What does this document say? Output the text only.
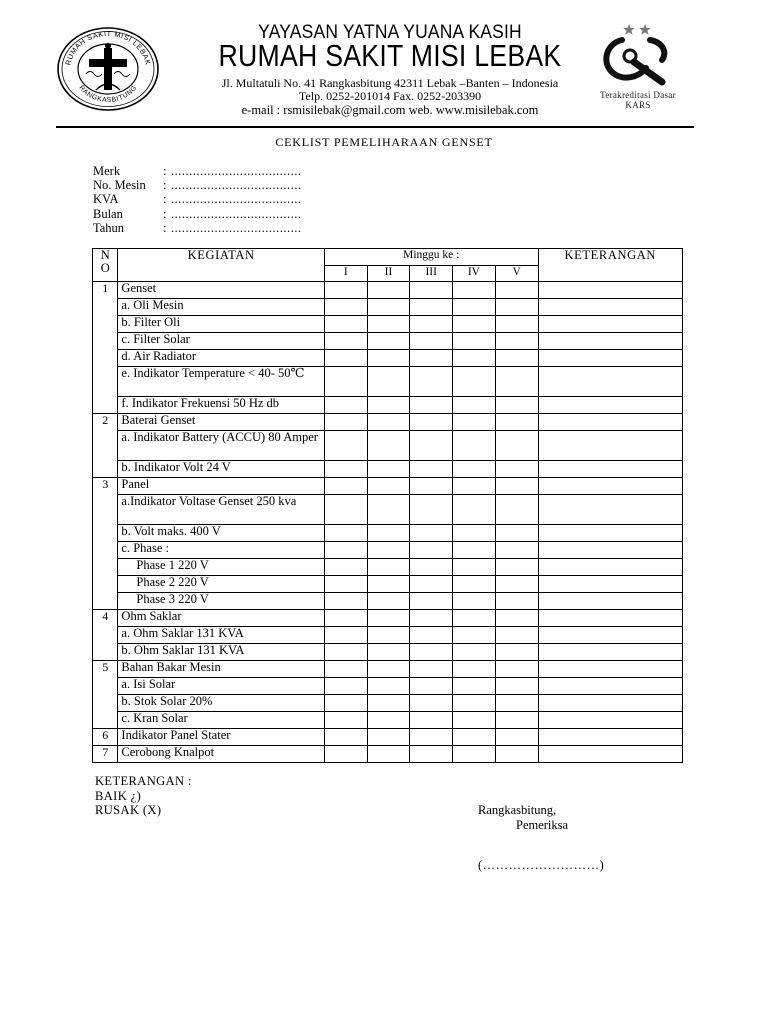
RUMAH SAKIT MISI LEBAK
RANGKASBITUNG
YAYASAN YATNA YUANA KASIH
RUMAH SAKIT MISI LEBAK
Jl. Multatuli No. 41 Rangkasbitung 42311 Lebak –Banten – Indonesia
Telp. 0252-201014 Fax. 0252-203390
e-mail : rsmisilebak@gmail.com web. www.misilebak.com
Terakreditasi Dasar
KARS
CEKLIST PEMELIHARAAN GENSET
Merk	: ....................................
No. Mesin	: ....................................
KVA	: ....................................
Bulan	: ....................................
Tahun	: ....................................
N
O	KEGIATAN	Minggu ke :					KETERANGAN
		I	II	III	IV	V	
1	Genset						
	a. Oli Mesin						
	b. Filter Oli						
	c. Filter Solar						
	d. Air Radiator						
	e. Indikator Temperature < 40- 50℃						
	f. Indikator Frekuensi 50 Hz db						
2	Baterai Genset						
	a. Indikator Battery (ACCU) 80 Amper						
	b. Indikator Volt 24 V						
3	Panel						
	a.Indikator Voltase Genset 250 kva						
	b. Volt maks. 400 V						
	c. Phase :						
	Phase 1 220 V						
	Phase 2 220 V						
	Phase 3 220 V						
4	Ohm Saklar						
	a. Ohm Saklar 131 KVA						
	b. Ohm Saklar 131 KVA						
5	Bahan Bakar Mesin						
	a. Isi Solar						
	b. Stok Solar 20%						
	c. Kran Solar						
6	Indikator Panel Stater						
7	Cerobong Knalpot						
KETERANGAN :
BAIK ¿)
RUSAK (X)	Rangkasbitung,
Pemeriksa
(………………………)
